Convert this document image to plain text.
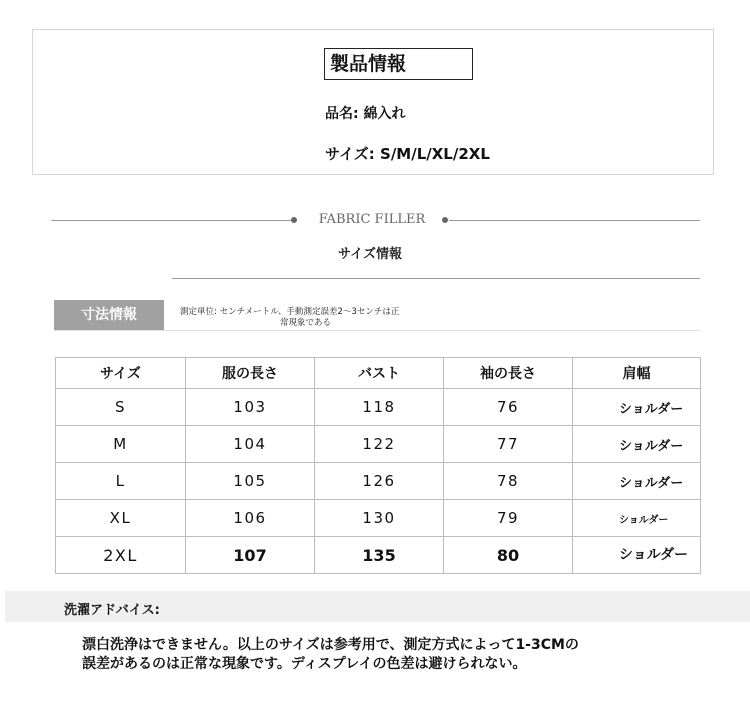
製品情報
品名: 綿入れ
サイズ: S/M/L/XL/2XL
FABRIC FILLER
サイズ情報
寸法情報	測定単位: センチメートル、手動測定誤差2～3センチは正
常現象である
サイズ	服の長さ	バスト	袖の長さ	肩幅
S	103	118	76	ショルダー
M	104	122	77	ショルダー
L	105	126	78	ショルダー
XL	106	130	79	ショルダー
2XL	107	135	80	ショルダー
洗濯アドバイス:
漂白洗浄はできません。以上のサイズは参考用で、測定方式によって1-3CMの誤差があるのは正常な現象です。ディスプレイの色差は避けられない。
